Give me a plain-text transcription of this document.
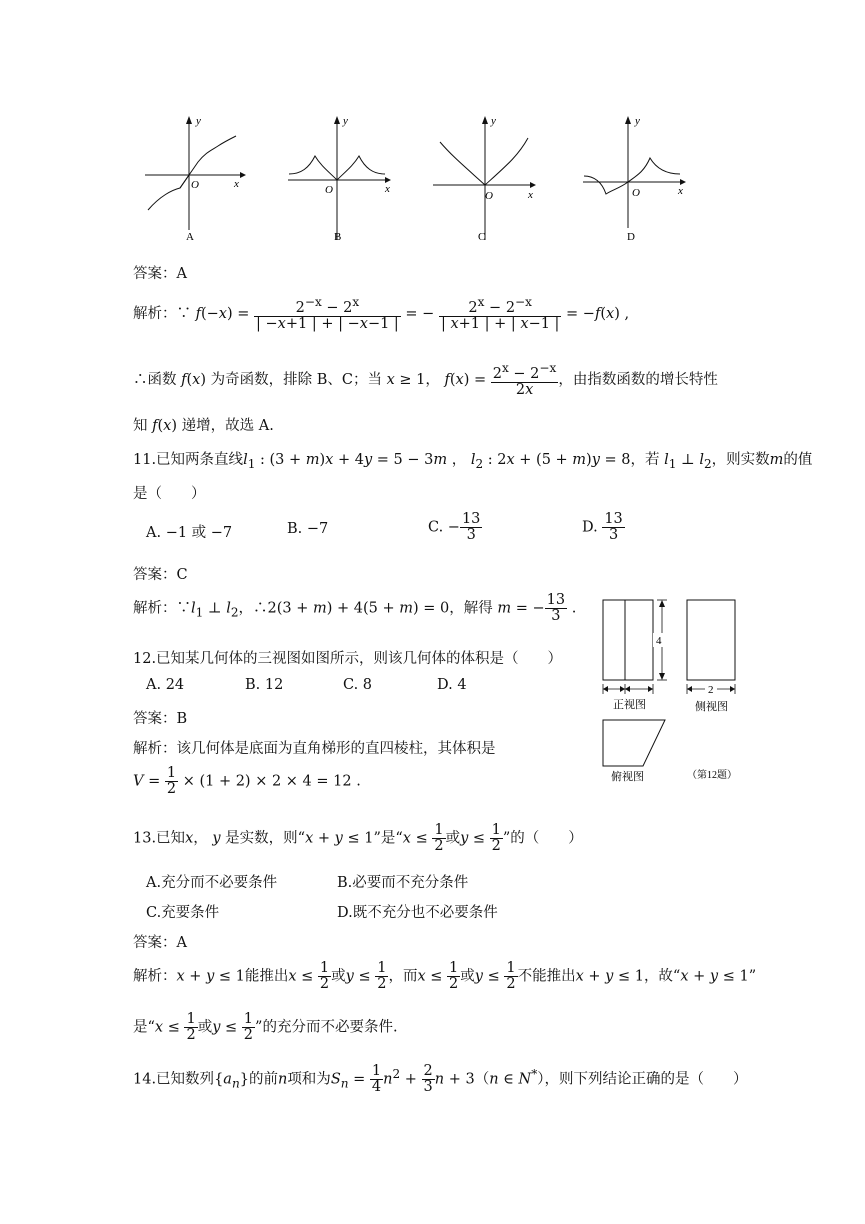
y
x
O
A
y
x
O
B
y
x
O
C
y
x
O
D
答案：A
解析：∵ $f(-x) = \frac{2^{-x} - 2^x}{| -x+1 | + | -x-1 |}$ = − $\frac{2^x - 2^{-x}}{| x+1 | + | x-1 |} = -f(x)$ ,
∴函数 f(x) 为奇函数，排除 B、C；当 x ≥ 1， $f(x) = \frac{2^x - 2^{-x}}{2x}$ ，由指数函数的增长特性
知 f(x) 递增，故选 A.
11.已知两条直线$l_1$ : (3 + m)x + 4y = 5 − 3m ， $l_2$ : 2x + (5 + m)y = 8，若 $l_1$ ⊥ $l_2$，则实数m的值
是（　　）
A. −1 或 −7	B. −7	C. − $\frac{13}{3}$	D. $\frac{13}{3}$
答案：C
解析：$\because l_1$ ⊥ $l_2$，∴2(3 + m) + 4(5 + m) = 0，解得 m = − $\frac{13}{3}$ .
4
正视图
2
侧视图
俯视图	（第12题）
12.已知某几何体的三视图如图所示，则该几何体的体积是（　　）
A. 24	B. 12	C. 8	D. 4
答案：B
解析：该几何体是底面为直角梯形的直四棱柱，其体积是
$V = \frac{1}{2} \times (1 + 2) \times 2 \times 4 = 12$ .
13.已知x， y 是实数，则“x + y ≤ 1”是“$x \le \frac{1}{2}$ 或$y \le \frac{1}{2}$ ”的（　　）
A.充分而不必要条件	B.必要而不充分条件
C.充要条件	D.既不充分也不必要条件
答案：A
解析：x + y ≤ 1能推出$x \le \frac{1}{2}$ 或$y \le \frac{1}{2}$ ，而$x \le \frac{1}{2}$ 或$y \le \frac{1}{2}$ 不能推出x + y ≤ 1，故“x + y ≤ 1”
是“$x \le \frac{1}{2}$ 或$y \le \frac{1}{2}$ ”的充分而不必要条件.
14.已知数列$\{a_n\}$的前n项和为$S_n = \frac{1}{4} n^2 + \frac{2}{3}$ n + 3（n ∈ N*），则下列结论正确的是（　　）
